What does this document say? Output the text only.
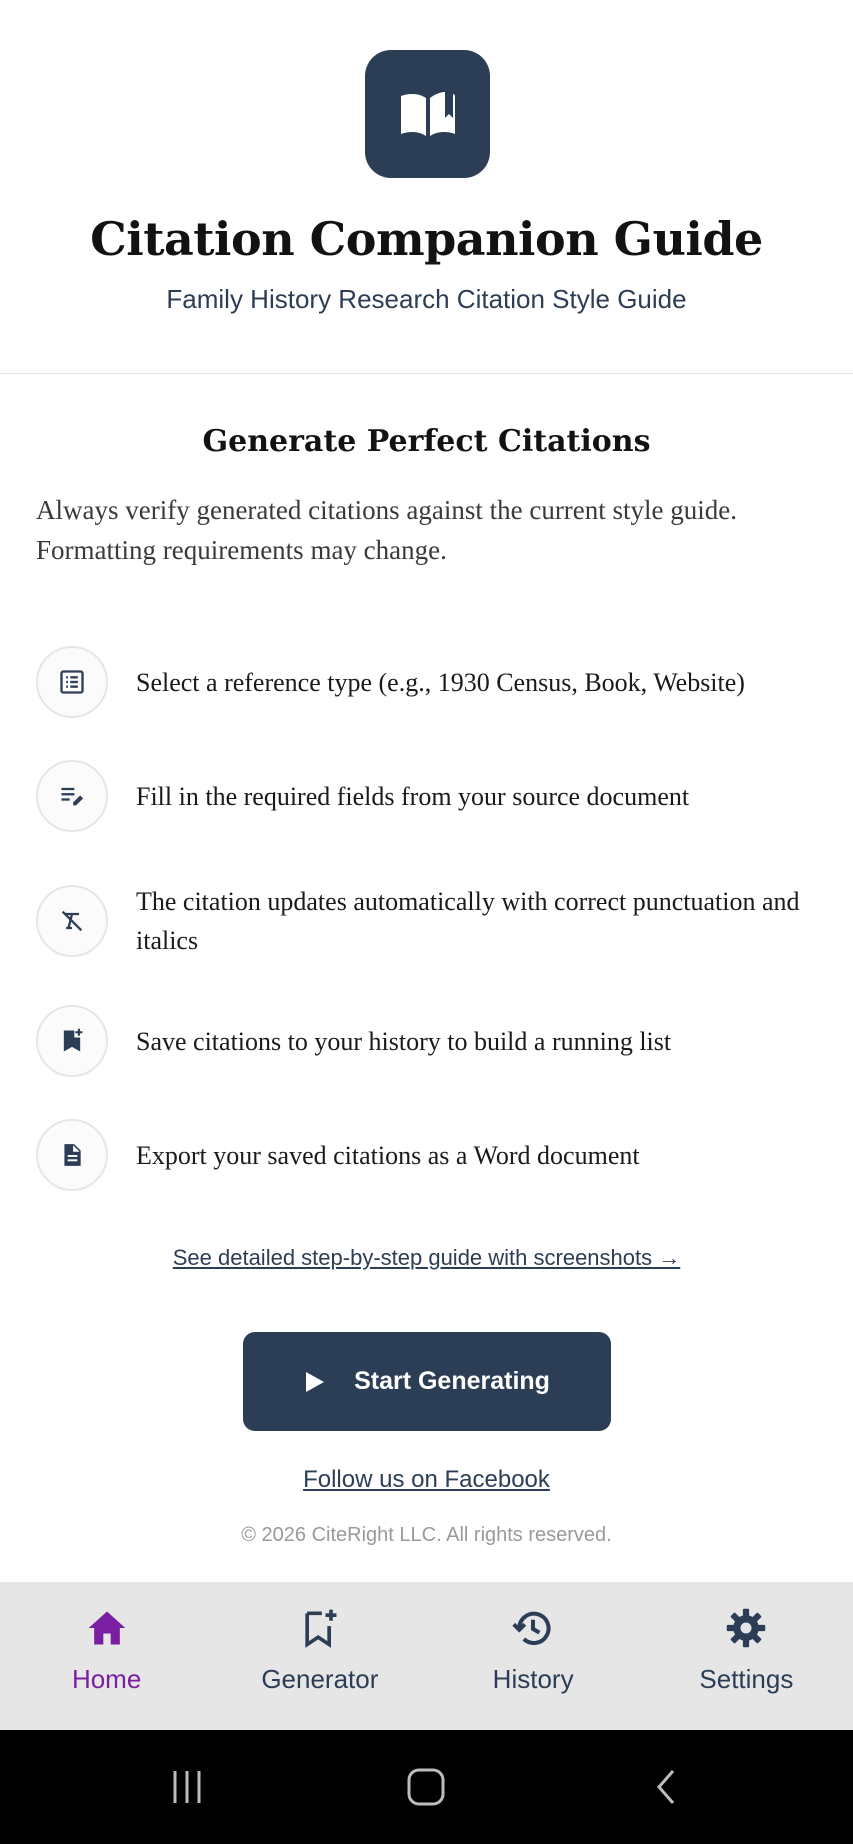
Citation Companion Guide
Family History Research Citation Style Guide
Generate Perfect Citations
Always verify generated citations against the current style guide. Formatting requirements may change.
Select a reference type (e.g., 1930 Census, Book, Website)
Fill in the required fields from your source document
The citation updates automatically with correct punctuation and italics
Save citations to your history to build a running list
Export your saved citations as a Word document
See detailed step-by-step guide with screenshots →
Start Generating
Follow us on Facebook
© 2026 CiteRight LLC. All rights reserved.
Home	Generator	History	Settings
